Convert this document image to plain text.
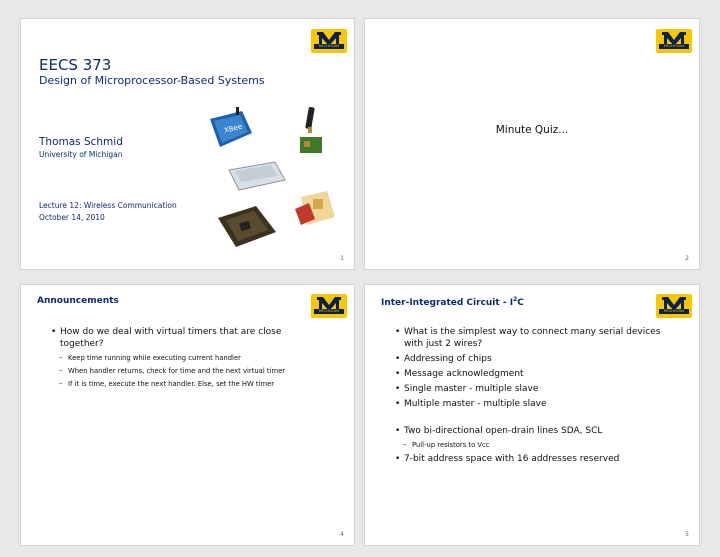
MICHIGAN
EECS 373
Design of Microprocessor-Based Systems
Thomas Schmid
University of Michigan
Lecture 12: Wireless Communication
October 14, 2010
XBee
1
MICHIGAN
Minute Quiz...
2
Announcements
MICHIGAN
• How do we deal with virtual timers that are close together?
– Keep time running while executing current handler
– When handler returns, check for time and the next virtual timer
– If it is time, execute the next handler. Else, set the HW timer
4
Inter-Integrated Circuit - $I^2C$
MICHIGAN
• What is the simplest way to connect many serial devices with just 2 wires?
• Addressing of chips
• Message acknowledgment
• Single master - multiple slave
• Multiple master - multiple slave
• Two bi-directional open-drain lines SDA, SCL
– Pull-up resistors to Vcc
• 7-bit address space with 16 addresses reserved
5
